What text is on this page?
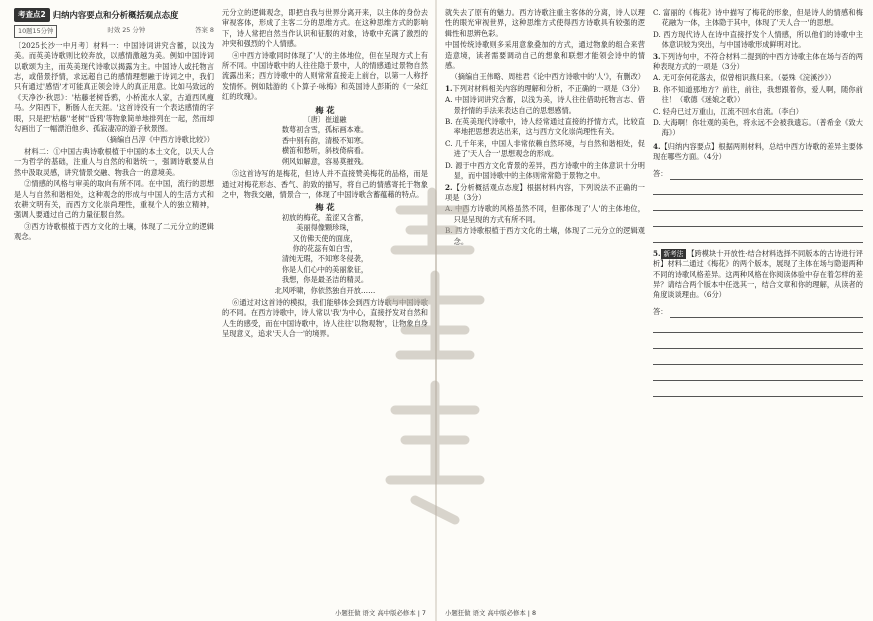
考查点2 归纳内容要点和分析概括观点态度
10题15分钟	时效 25 分钟	答案 8

〔2025长沙一中月考〕材料一：中国诗词讲究含蓄，以浅为美。而英美诗歌则比较奔放，以感情激越为美。例如中国诗词以歌颂为主，而英美现代诗歌以揭露为主。中国诗人或托物言志，或借景抒情，求远超自己的感情理想融于诗词之中，我们只有通过'感悟'才可能真正领会诗人的真正用意。比如马致远的《天净沙·秋思》：'枯藤老树昏鸦，小桥流水人家，古道西风瘦马。夕阳西下，断肠人在天涯。'这首诗没有一个表达感情的字眼，只是把'枯藤''老树''昏鸦'等物象简单地排列在一起，然而却勾画出了一幅漂泊他乡、孤寂凄凉的游子秋景图。

（摘编自吕淳《中西方诗歌比较》）

材料二：①中国古典诗歌根植于中国的本土文化，以天人合一为哲学的基础，注重人与自然的和谐统一，强调诗歌要从自然中汲取灵感，讲究情景交融、物我合一的意境美。

②情感的风格与审美的取向有所不同。在中国，流行的思想是人与自然和谐相处，这种观念的形成与中国人的生活方式和农耕文明有关，而西方文化崇尚理性，重视个人的独立精神，强调人要通过自己的力量征服自然。

③西方诗歌根植于西方文化的土壤，体现了二元分立的逻辑观念。

元分立的逻辑观念，即把自我与世界分离开来，以主体的身份去审视客体，形成了主客二分的思维方式。在这种思维方式的影响下，诗人常把自然当作认识和征服的对象，诗歌中充满了激烈的冲突和强烈的个人情感。

④中西方诗歌同时体现了'人'的主体地位，但在呈现方式上有所不同。中国诗歌中的人往往隐于景中，人的情感通过景物自然流露出来；西方诗歌中的人则常常直接走上前台，以第一人称抒发情怀。例如陆游的《卜算子·咏梅》和英国诗人彭斯的《一朵红红的玫瑰》。

梅 花
〔唐〕崔道融
数萼初含雪，孤标画本难。
香中别有韵，清极不知寒。
横笛和愁听，斜枝倚病看。
朔风如解意，容易莫摧残。

⑤这首诗写的是梅花，但诗人并不直接赞美梅花的品格，而是通过对梅花形态、香气、韵致的描写，将自己的情感寄托于物象之中，物我交融，情景合一，体现了中国诗歌含蓄蕴藉的特点。

梅 花
初放的梅花，羞涩又含蓄，
美丽得像颗珍珠，
又仿佛天使的面庞，
你的花蕊有如白雪，
清纯无瑕，不知寒冬侵袭，
你是人们心中的美丽象征，
我想，你是最圣洁的精灵。
北风呼啸，你依然独自开放……

⑥通过对这首诗的模拟，我们能够体会到西方诗歌与中国诗歌的不同。在西方诗歌中，诗人常以'我'为中心，直接抒发对自然和人生的感受，而在中国诗歌中，诗人往往'以物观物'，让物象自身呈现意义，追求'天人合一'的境界。

小题狂做 语文 高中版必修本 | 7

就失去了原有的魅力。西方诗歌注重主客体的分离，诗人以理性的眼光审视世界，这种思维方式使得西方诗歌具有较强的逻辑性和思辨色彩。

中国传统诗歌则多采用意象叠加的方式，通过物象的组合来营造意境，读者需要调动自己的想象和联想才能领会诗中的情感。

（摘编自王伟略、周桂君《论中西方诗歌中的'人'》，有删改）

1.下列对材料相关内容的理解和分析，不正确的一项是（3分）

A. 中国诗词讲究含蓄，以浅为美，诗人往往借助托物言志、借景抒情的手法来表达自己的思想感情。

B. 在英美现代诗歌中，诗人经常通过直接的抒情方式，比较直率地把思想表达出来，这与西方文化崇尚理性有关。

C. 几千年来，中国人非常依赖自然环境，与自然和谐相处，促进了'天人合一'思想观念的形成。

D. 源于中西方文化背景的差异，西方诗歌中的主体意识十分明显，而中国诗歌中的主体则常常隐于景物之中。

2.【分析概括观点态度】根据材料内容，下列说法不正确的一项是（3分）

A. 中西方诗歌的风格虽然不同，但都体现了'人'的主体地位，只是呈现的方式有所不同。

B. 西方诗歌根植于西方文化的土壤，体现了二元分立的逻辑观念。

C. 富丽的《梅花》诗中描写了梅花的形象，但是诗人的情感和梅花融为一体，主体隐于其中，体现了'天人合一'的思想。

D. 西方现代诗人在诗中直接抒发个人情感，所以他们的诗歌中主体意识较为突出，与中国诗歌形成鲜明对比。

3.下列诗句中，不符合材料二提到的中西方诗歌主体在场与否的两种表现方式的一项是（3分）

A. 无可奈何花落去，似曾相识燕归来。（晏殊《浣溪沙》）

B. 你不知道那地方？前往，前往，我想跟着你，爱人啊，随你前往！（歌德《迷娘之歌》）

C. 轻舟已过万重山，江流不回水自流。（李白）

D. 大海啊！你壮观的美色，将永远不会被我遗忘。（普希金《致大海》）

4.【归纳内容要点】根据两则材料，总结中西方诗歌的差异主要体现在哪些方面。（4分）

答：

5. 新考法 【跨模块十开放性·结合材料选择不同版本的古诗进行评析】材料二通过《梅花》的两个版本，展现了主体在场与隐退两种不同的诗歌风格差异。这两种风格在你阅读体验中存在着怎样的差异？请结合两个版本中任选其一，结合文章和你的理解，从读者的角度谈谈理由。（6分）

答：
小题狂做 语文 高中版必修本 | 8
